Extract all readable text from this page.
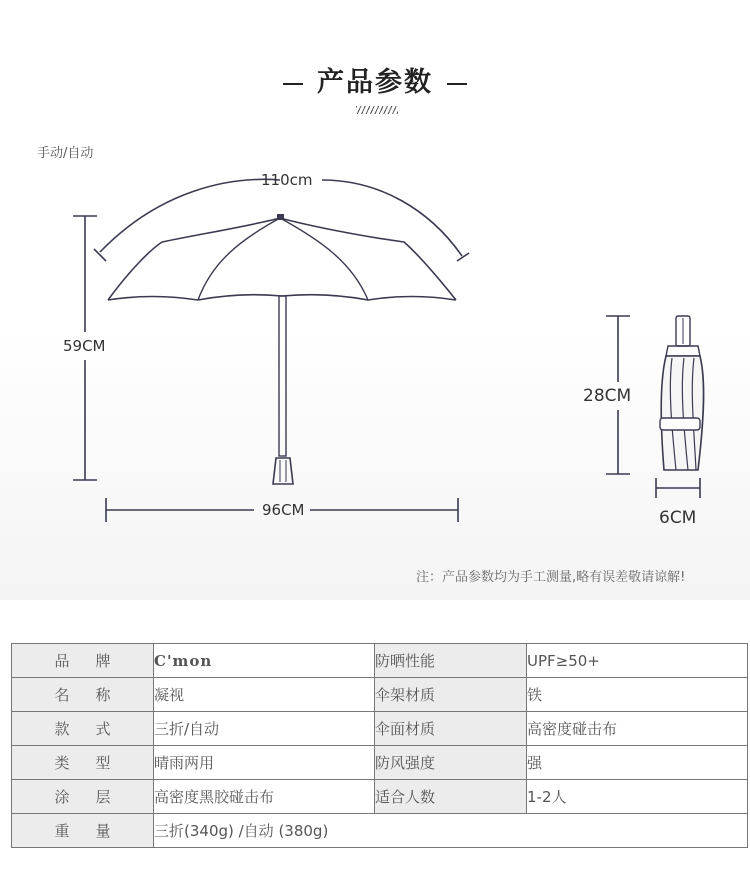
产品参数
手动/自动
110cm
59CM
96CM
28CM
6CM
注：产品参数均为手工测量,略有误差敬请谅解!
品 牌	C'mon	防晒性能	UPF≥50+
名 称	凝视	伞架材质	铁
款 式	三折/自动	伞面材质	高密度碰击布
类 型	晴雨两用	防风强度	强
涂 层	高密度黑胶碰击布	适合人数	1-2人
重 量	三折(340g) /自动 (380g)		
